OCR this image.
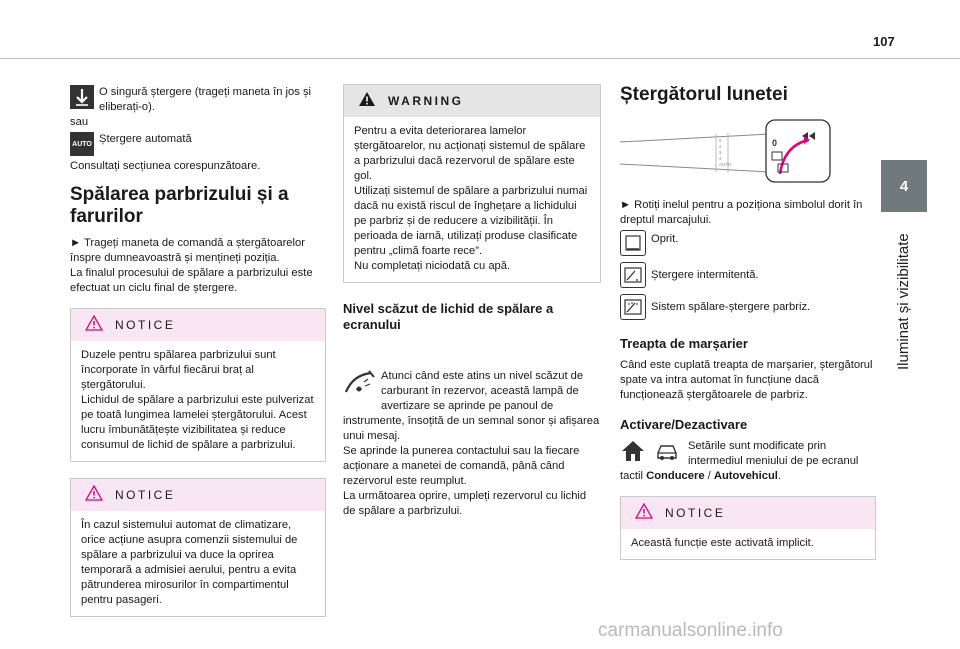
107
4
Iluminat și vizibilitate

O singură ștergere (trageți maneta în jos și eliberați-o).

sau

AUTO Ștergere automată

Consultați secțiunea corespunzătoare.

Spălarea parbrizului și a farurilor

► Trageți maneta de comandă a ștergătoarelor înspre dumneavoastră și mențineți poziția.
La finalul procesului de spălare a parbrizului este efectuat un ciclu final de ștergere.

NOTICE
Duzele pentru spălarea parbrizului sunt încorporate în vârful fiecărui braț al ștergătorului.
Lichidul de spălare a parbrizului este pulverizat pe toată lungimea lamelei ștergătorului. Acest lucru îmbunătățește vizibilitatea și reduce consumul de lichid de spălare a parbrizului.
NOTICE
În cazul sistemului automat de climatizare, orice acțiune asupra comenzii sistemului de spălare a parbrizului va duce la oprirea temporară a admisiei aerului, pentru a evita pătrunderea mirosurilor în compartimentul pentru pasageri.
WARNING
Pentru a evita deteriorarea lamelor ștergătoarelor, nu acționați sistemul de spălare a parbrizului dacă rezervorul de spălare este gol.
Utilizați sistemul de spălare a parbrizului numai dacă nu există riscul de înghețare a lichidului pe parbriz și de reducere a vizibilității. În perioada de iarnă, utilizați produse clasificate pentru „climă foarte rece”.
Nu completați niciodată cu apă.
Nivel scăzut de lichid de spălare a ecranului

Atunci când este atins un nivel scăzut de carburant în rezervor, această lampă de avertizare se aprinde pe panoul de instrumente, însoțită de un semnal sonor și afișarea unui mesaj.
Se aprinde la punerea contactului sau la fiecare acționare a manetei de comandă, până când rezervorul este reumplut.
La următoarea oprire, umpleți rezervorul cu lichid de spălare a parbrizului.

Ștergătorul lunetei
0
2
3
4
AUTO
0

► Rotiți inelul pentru a poziționa simbolul dorit în dreptul marcajului.

Oprit.

Ștergere intermitentă.

Sistem spălare-ștergere parbriz.

Treapta de marșarier

Când este cuplată treapta de marșarier, ștergătorul spate va intra automat în funcțiune dacă funcționează ștergătoarele de parbriz.

Activare/Dezactivare
Setările sunt modificate prin intermediul meniului de pe ecranul tactil Conducere / Autovehicul.
NOTICE
Această funcție este activată implicit.
carmanualsonline.info
